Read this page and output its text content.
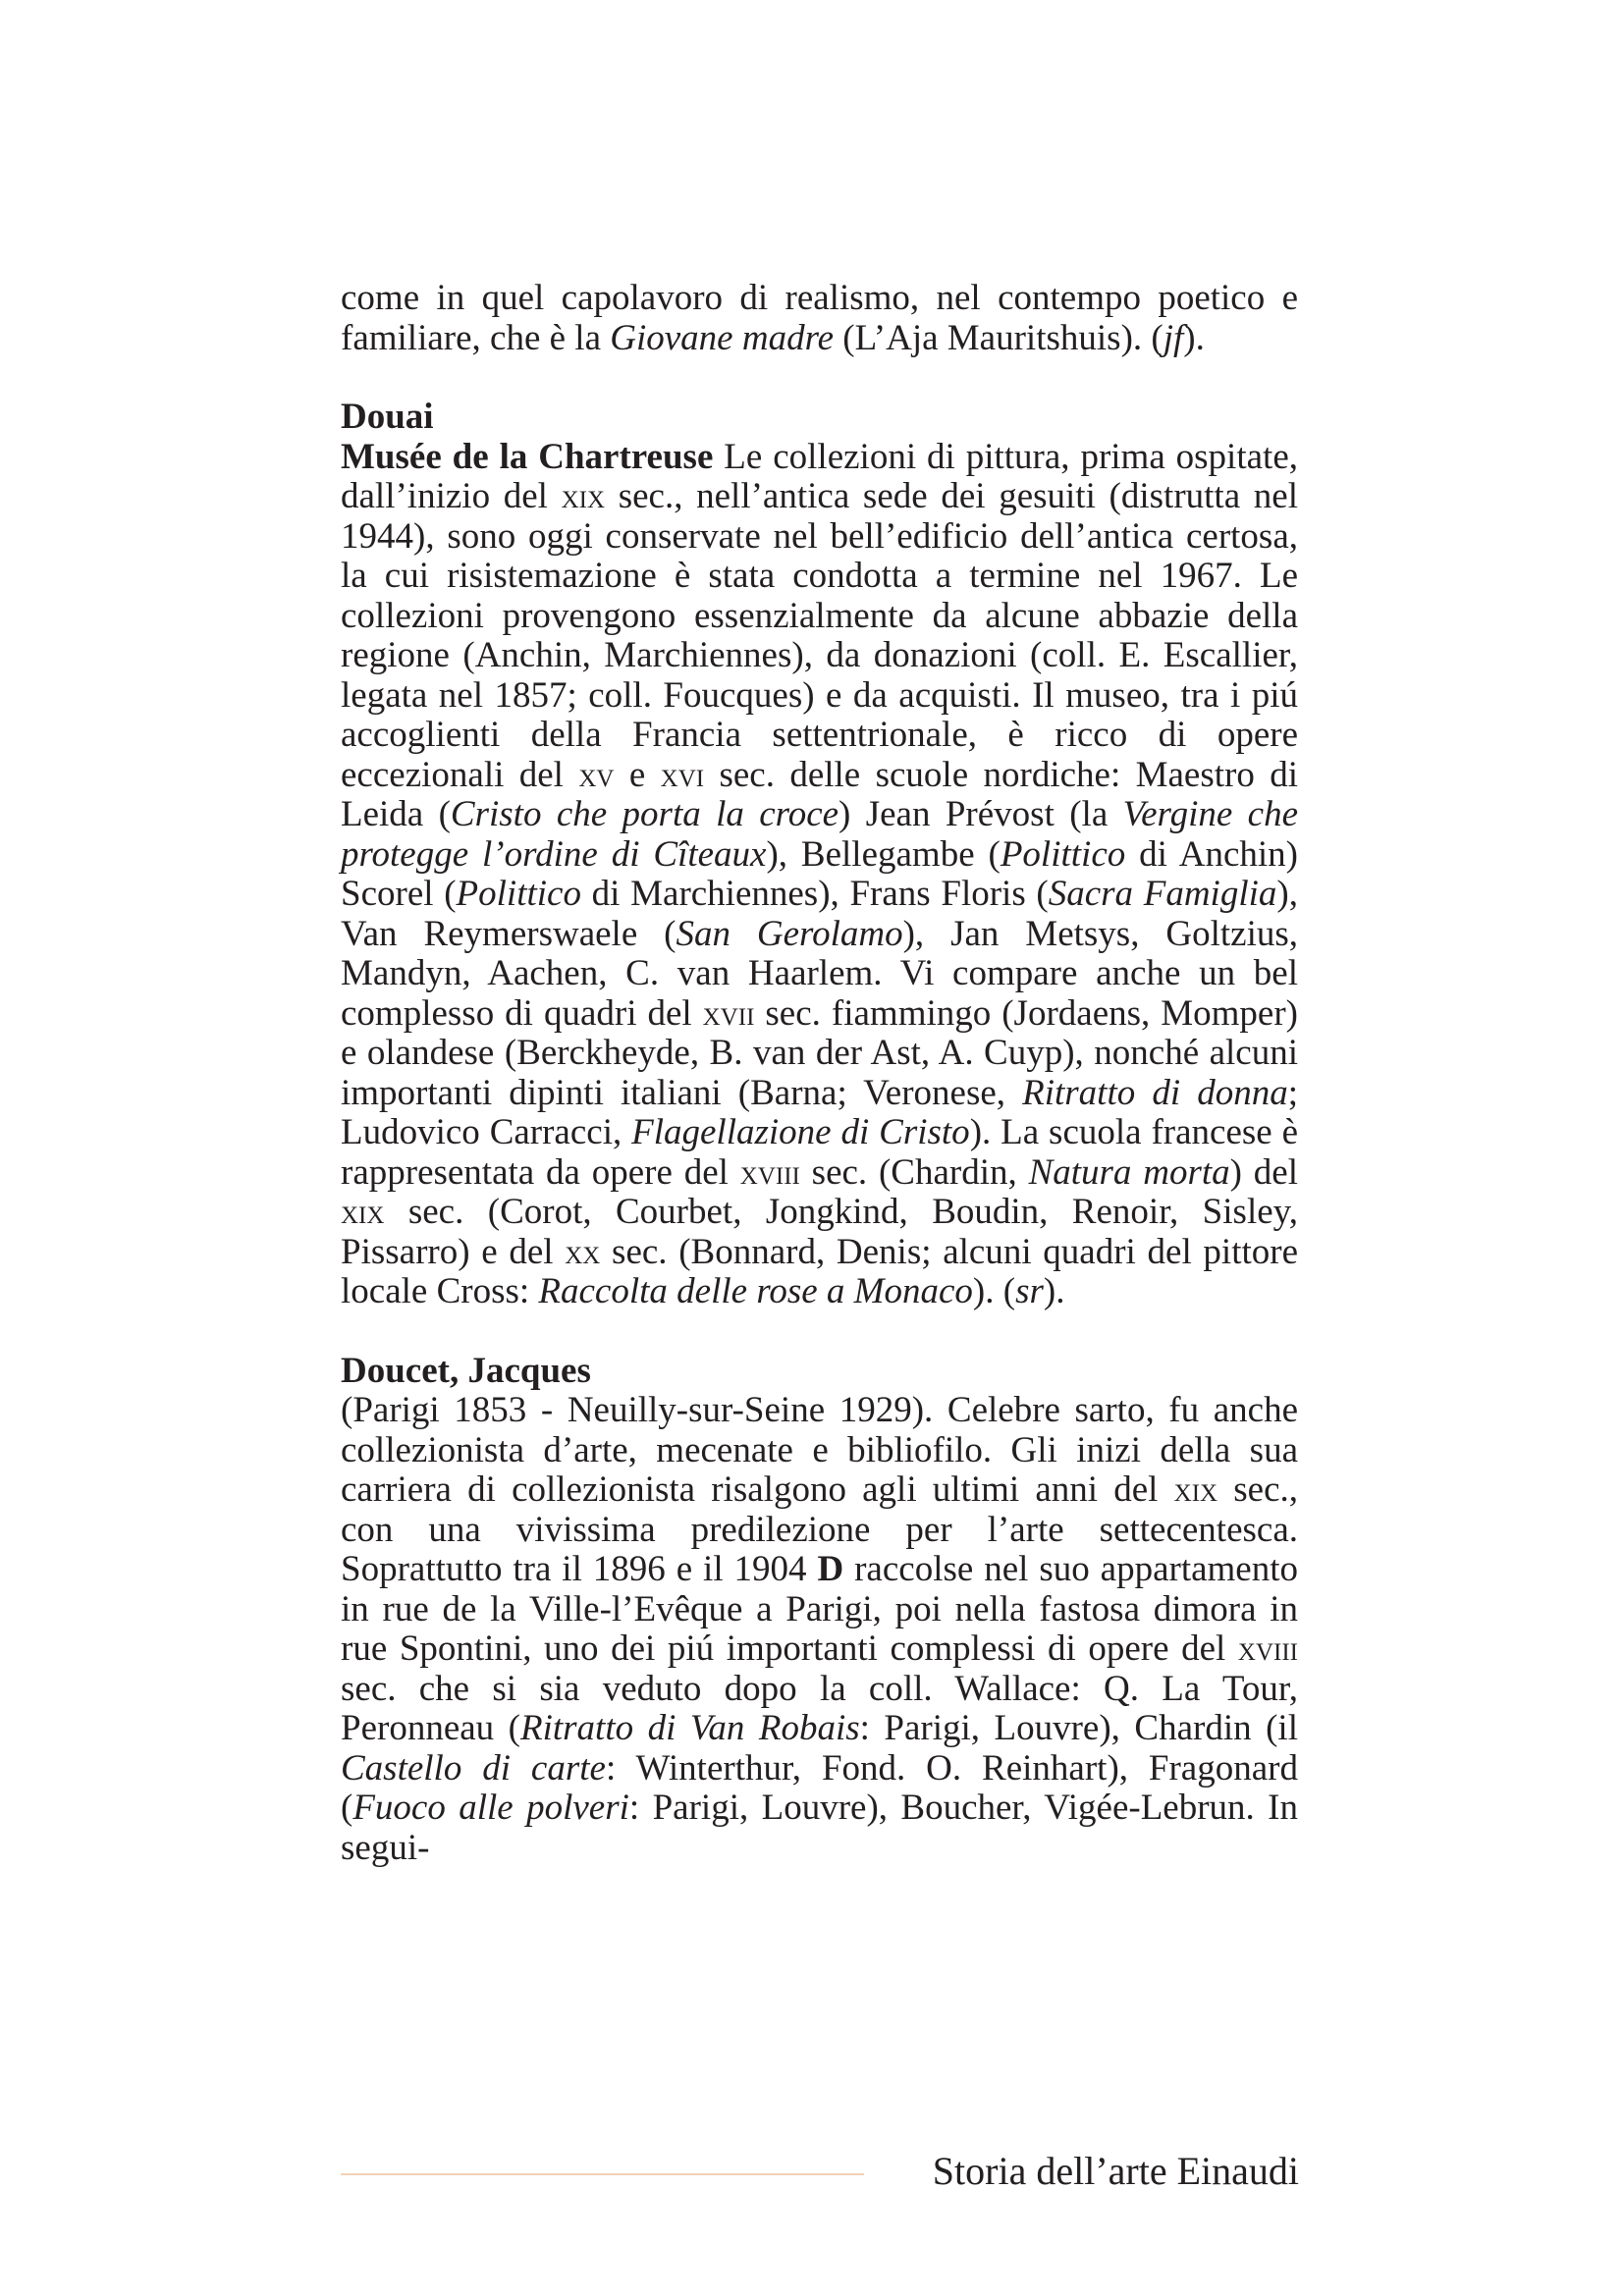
come in quel capolavoro di realismo, nel contempo poetico e familiare, che è la Giovane madre (L’Aja Mauritshuis). (jf).

Douai

Musée de la Chartreuse Le collezioni di pittura, prima ospitate, dall’inizio del xix sec., nell’antica sede dei gesuiti (distrutta nel 1944), sono oggi conservate nel bell’edificio dell’antica certosa, la cui risistemazione è stata condotta a termine nel 1967. Le collezioni provengono essenzialmente da alcune abbazie della regione (Anchin, Marchiennes), da donazioni (coll. E. Escallier, legata nel 1857; coll. Foucques) e da acquisti. Il museo, tra i piú accoglienti della Francia settentrionale, è ricco di opere eccezionali del xv e xvi sec. delle scuole nordiche: Maestro di Leida (Cristo che porta la croce) Jean Prévost (la Vergine che protegge l’ordine di Cîteaux), Bellegambe (Polittico di Anchin) Scorel (Polittico di Marchiennes), Frans Floris (Sacra Famiglia), Van Reymerswaele (San Gerolamo), Jan Metsys, Goltzius, Mandyn, Aachen, C. van Haarlem. Vi compare anche un bel complesso di quadri del xvii sec. fiammingo (Jordaens, Momper) e olandese (Berckheyde, B. van der Ast, A. Cuyp), nonché alcuni importanti dipinti italiani (Barna; Veronese, Ritratto di donna; Ludovico Carracci, Flagellazione di Cristo). La scuola francese è rappresentata da opere del xviii sec. (Chardin, Natura morta) del xix sec. (Corot, Courbet, Jongkind, Boudin, Renoir, Sisley, Pissarro) e del xx sec. (Bonnard, Denis; alcuni quadri del pittore locale Cross: Raccolta delle rose a Monaco). (sr).

Doucet, Jacques

(Parigi 1853 - Neuilly-sur-Seine 1929). Celebre sarto, fu anche collezionista d’arte, mecenate e bibliofilo. Gli inizi della sua carriera di collezionista risalgono agli ultimi anni del xix sec., con una vivissima predilezione per l’arte settecentesca. Soprattutto tra il 1896 e il 1904 D raccolse nel suo appartamento in rue de la Ville-l’Evêque a Parigi, poi nella fastosa dimora in rue Spontini, uno dei piú importanti complessi di opere del xviii sec. che si sia veduto dopo la coll. Wallace: Q. La Tour, Peronneau (Ritratto di Van Robais: Parigi, Louvre), Chardin (il Castello di carte: Winterthur, Fond. O. Reinhart), Fragonard (Fuoco alle polveri: Parigi, Louvre), Boucher, Vigée-Lebrun. In segui-

Storia dell’arte Einaudi
